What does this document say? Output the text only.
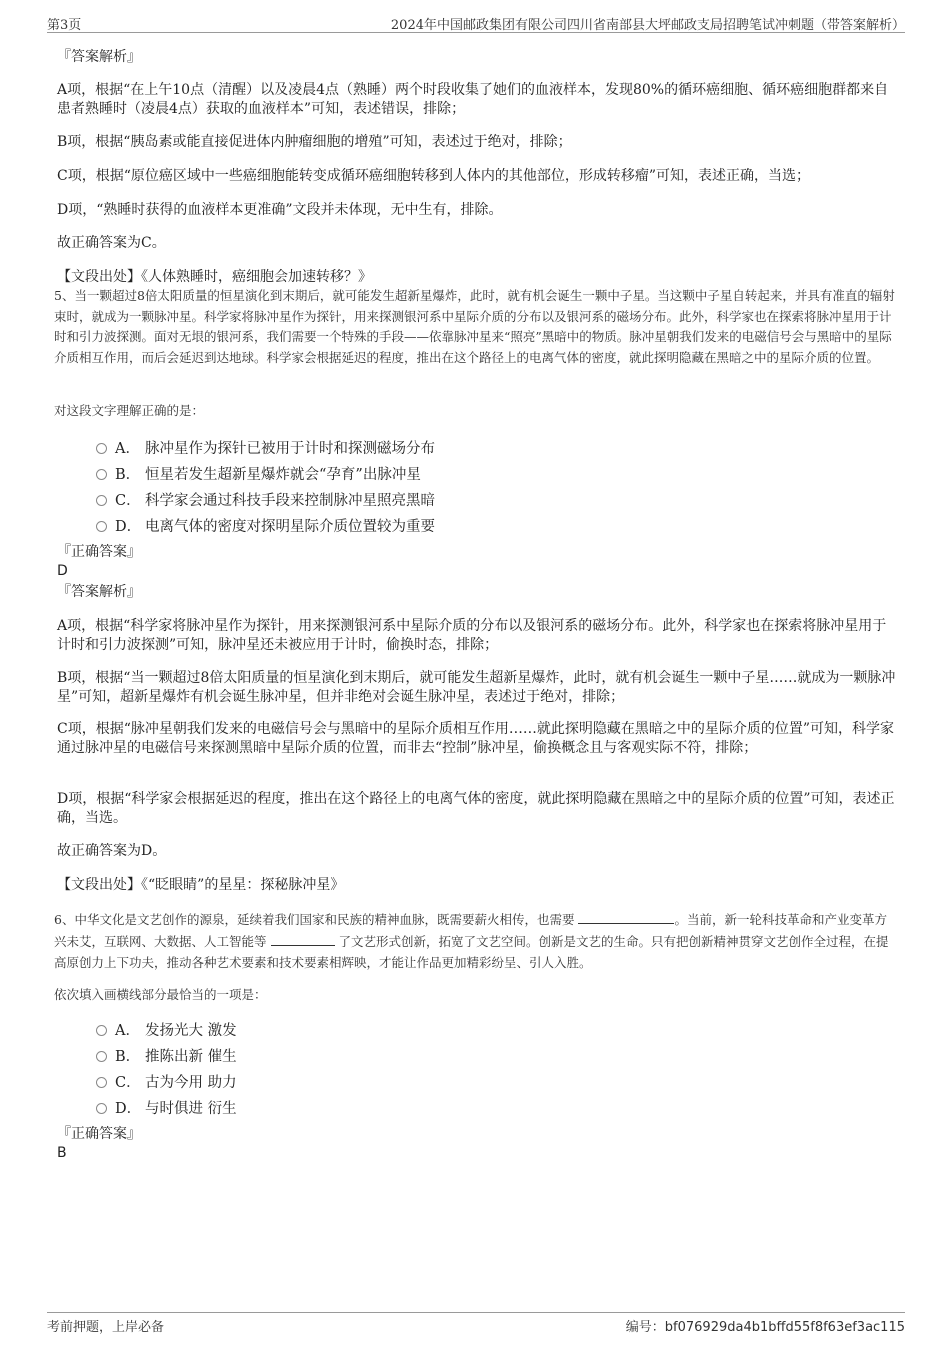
第3页	2024年中国邮政集团有限公司四川省南部县大坪邮政支局招聘笔试冲刺题（带答案解析）
『答案解析』
A项，根据“在上午10点（清醒）以及凌晨4点（熟睡）两个时段收集了她们的血液样本，发现80%的循环癌细胞、循环癌细胞群都来自患者熟睡时（凌晨4点）获取的血液样本”可知，表述错误，排除；
B项，根据“胰岛素或能直接促进体内肿瘤细胞的增殖”可知，表述过于绝对，排除；
C项，根据“原位癌区域中一些癌细胞能转变成循环癌细胞转移到人体内的其他部位，形成转移瘤”可知，表述正确，当选；
D项，“熟睡时获得的血液样本更准确”文段并未体现，无中生有，排除。
故正确答案为C。
【文段出处】《人体熟睡时，癌细胞会加速转移？》
5、当一颗超过8倍太阳质量的恒星演化到末期后，就可能发生超新星爆炸，此时，就有机会诞生一颗中子星。当这颗中子星自转起来，并具有准直的辐射束时，就成为一颗脉冲星。科学家将脉冲星作为探针，用来探测银河系中星际介质的分布以及银河系的磁场分布。此外，科学家也在探索将脉冲星用于计时和引力波探测。面对无垠的银河系，我们需要一个特殊的手段——依靠脉冲星来“照亮”黑暗中的物质。脉冲星朝我们发来的电磁信号会与黑暗中的星际介质相互作用，而后会延迟到达地球。科学家会根据延迟的程度，推出在这个路径上的电离气体的密度，就此探明隐藏在黑暗之中的星际介质的位置。
对这段文字理解正确的是：
A． 脉冲星作为探针已被用于计时和探测磁场分布
B． 恒星若发生超新星爆炸就会“孕育”出脉冲星
C． 科学家会通过科技手段来控制脉冲星照亮黑暗
D． 电离气体的密度对探明星际介质位置较为重要
『正确答案』
D
『答案解析』
A项，根据“科学家将脉冲星作为探针，用来探测银河系中星际介质的分布以及银河系的磁场分布。此外，科学家也在探索将脉冲星用于计时和引力波探测”可知，脉冲星还未被应用于计时，偷换时态，排除；
B项，根据“当一颗超过8倍太阳质量的恒星演化到末期后，就可能发生超新星爆炸，此时，就有机会诞生一颗中子星……就成为一颗脉冲星”可知，超新星爆炸有机会诞生脉冲星，但并非绝对会诞生脉冲星，表述过于绝对，排除；
C项，根据“脉冲星朝我们发来的电磁信号会与黑暗中的星际介质相互作用……就此探明隐藏在黑暗之中的星际介质的位置”可知，科学家通过脉冲星的电磁信号来探测黑暗中星际介质的位置，而非去“控制”脉冲星，偷换概念且与客观实际不符，排除；
D项，根据“科学家会根据延迟的程度，推出在这个路径上的电离气体的密度，就此探明隐藏在黑暗之中的星际介质的位置”可知，表述正确，当选。
故正确答案为D。
【文段出处】《“眨眼睛”的星星：探秘脉冲星》
6、中华文化是文艺创作的源泉，延续着我们国家和民族的精神血脉，既需要薪火相传，也需要	。当前，新一轮科技革命和产业变革方兴未艾，互联网、大数据、人工智能等	了文艺形式创新，拓宽了文艺空间。创新是文艺的生命。只有把创新精神贯穿文艺创作全过程，在提高原创力上下功夫，推动各种艺术要素和技术要素相辉映，才能让作品更加精彩纷呈、引人入胜。
依次填入画横线部分最恰当的一项是：
A． 发扬光大 激发
B． 推陈出新 催生
C． 古为今用 助力
D． 与时俱进 衍生
『正确答案』
B
考前押题，上岸必备	编号：bf076929da4b1bffd55f8f63ef3ac115
